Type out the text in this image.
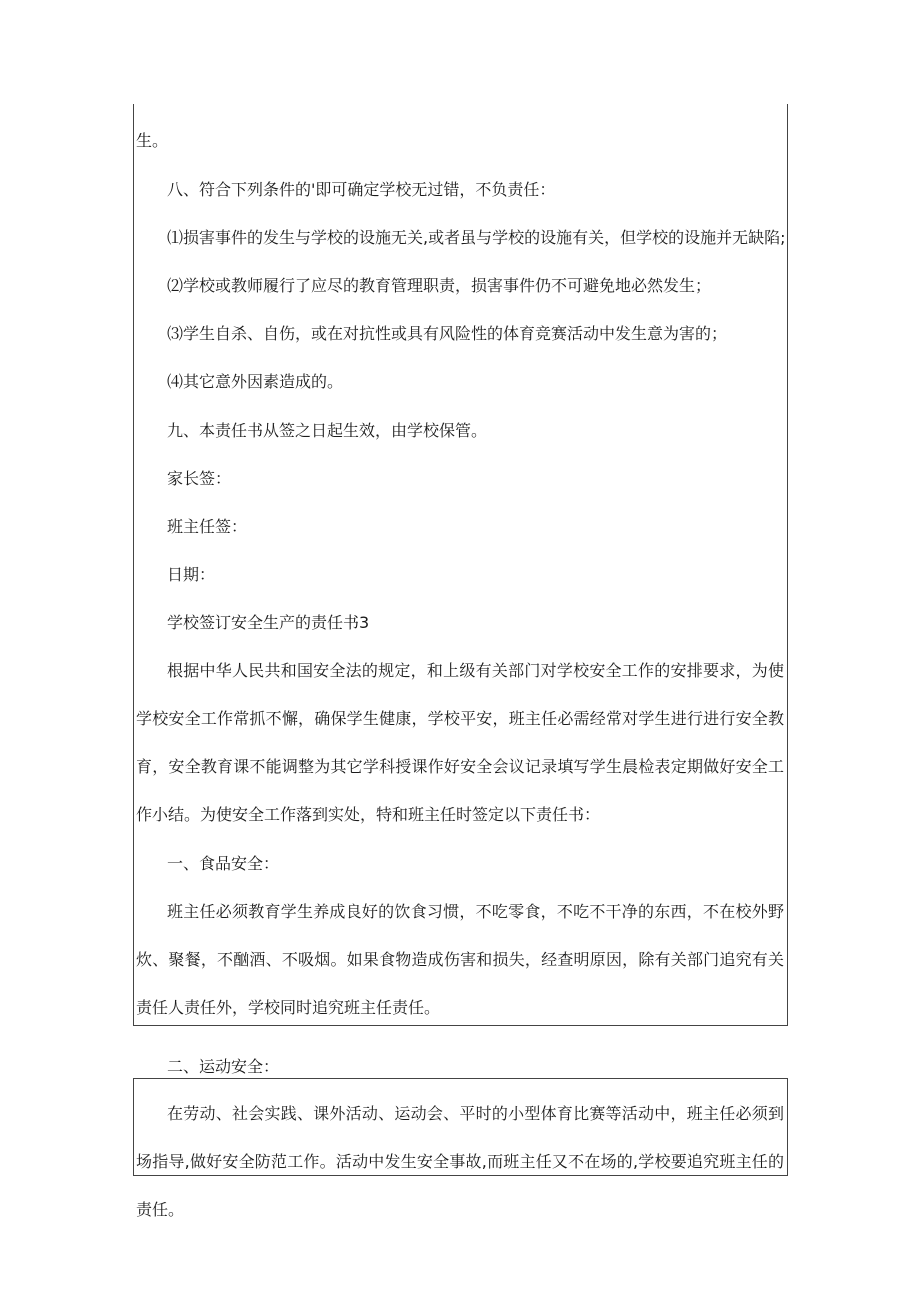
生。
八、符合下列条件的'即可确定学校无过错，不负责任：
⑴损害事件的发生与学校的设施无关,或者虽与学校的设施有关，但学校的设施并无缺陷;
⑵学校或教师履行了应尽的教育管理职责，损害事件仍不可避免地必然发生；
⑶学生自杀、自伤，或在对抗性或具有风险性的体育竞赛活动中发生意为害的；
⑷其它意外因素造成的。
九、本责任书从签之日起生效，由学校保管。
家长签：
班主任签：
日期：
学校签订安全生产的责任书3

根据中华人民共和国安全法的规定，和上级有关部门对学校安全工作的安排要求，为使学校安全工作常抓不懈，确保学生健康，学校平安，班主任必需经常对学生进行进行安全教育，安全教育课不能调整为其它学科授课作好安全会议记录填写学生晨检表定期做好安全工作小结。为使安全工作落到实处，特和班主任时签定以下责任书：

一、食品安全：

班主任必须教育学生养成良好的饮食习惯，不吃零食，不吃不干净的东西，不在校外野炊、聚餐，不酗酒、不吸烟。如果食物造成伤害和损失，经查明原因，除有关部门追究有关责任人责任外，学校同时追究班主任责任。

二、运动安全：

在劳动、社会实践、课外活动、运动会、平时的小型体育比赛等活动中，班主任必须到场指导,做好安全防范工作。活动中发生安全事故,而班主任又不在场的,学校要追究班主任的责任。
